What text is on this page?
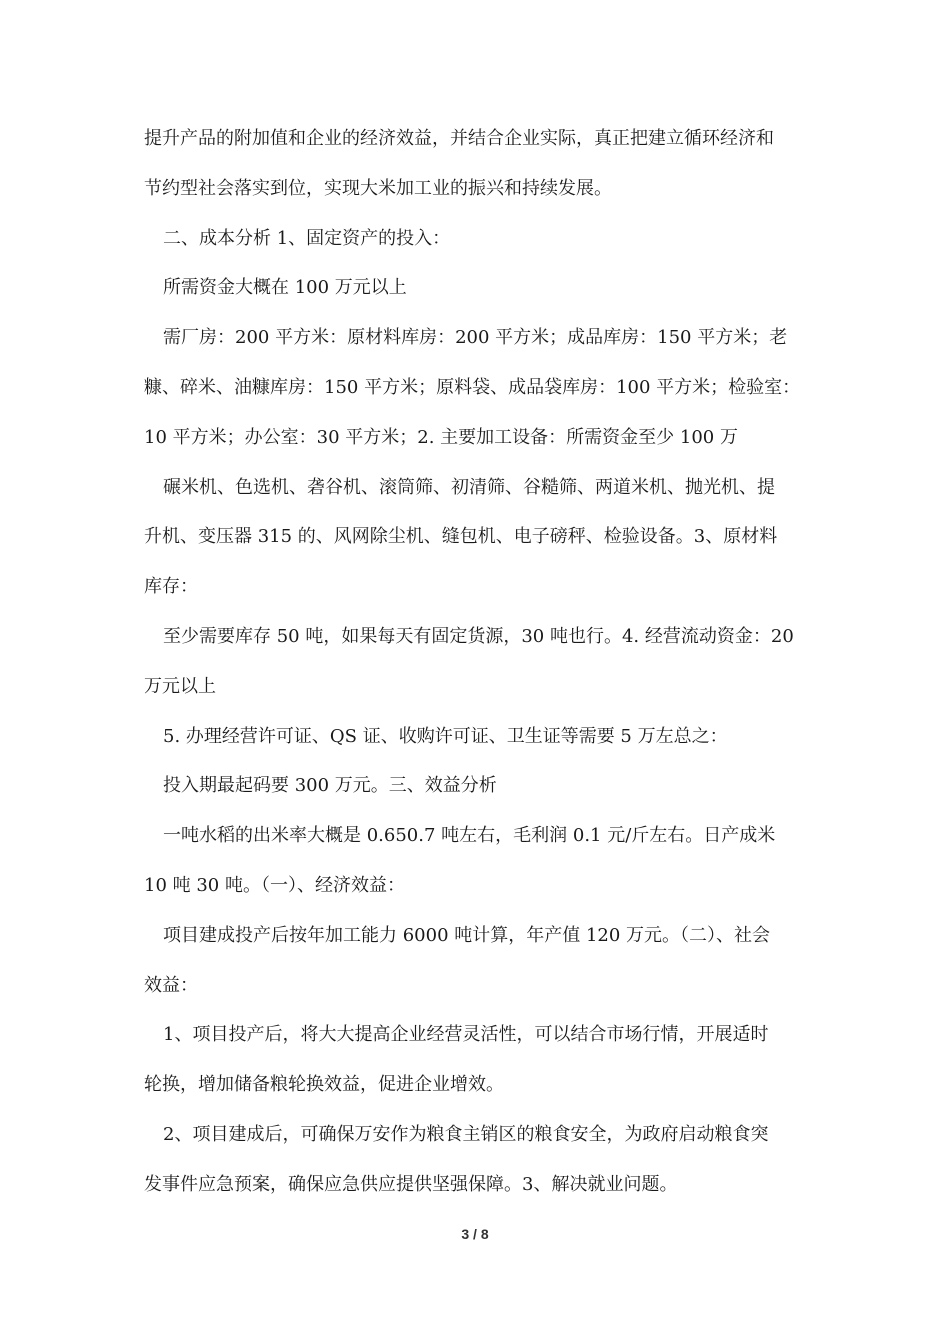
提升产品的附加值和企业的经济效益，并结合企业实际，真正把建立循环经济和
节约型社会落实到位，实现大米加工业的振兴和持续发展。
二、成本分析 1、固定资产的投入：
所需资金大概在 100 万元以上
需厂房：200 平方米：原材料库房：200 平方米；成品库房：150 平方米；老
糠、碎米、油糠库房：150 平方米；原料袋、成品袋库房：100 平方米；检验室：
10 平方米；办公室：30 平方米；2. 主要加工设备：所需资金至少 100 万
碾米机、色选机、砻谷机、滚筒筛、初清筛、谷糙筛、两道米机、抛光机、提
升机、变压器 315 的、风网除尘机、缝包机、电子磅秤、检验设备。3、原材料
库存：
至少需要库存 50 吨，如果每天有固定货源，30 吨也行。4. 经营流动资金：20
万元以上
5. 办理经营许可证、QS 证、收购许可证、卫生证等需要 5 万左总之：
投入期最起码要 300 万元。三、效益分析
一吨水稻的出米率大概是 0.650.7 吨左右，毛利润 0.1 元/斤左右。日产成米
10 吨 30 吨。（一）、经济效益：
项目建成投产后按年加工能力 6000 吨计算，年产值 120 万元。（二）、社会
效益：
1、项目投产后，将大大提高企业经营灵活性，可以结合市场行情，开展适时
轮换，增加储备粮轮换效益，促进企业增效。
2、项目建成后，可确保万安作为粮食主销区的粮食安全，为政府启动粮食突
发事件应急预案，确保应急供应提供坚强保障。3、解决就业问题。
3 / 8
